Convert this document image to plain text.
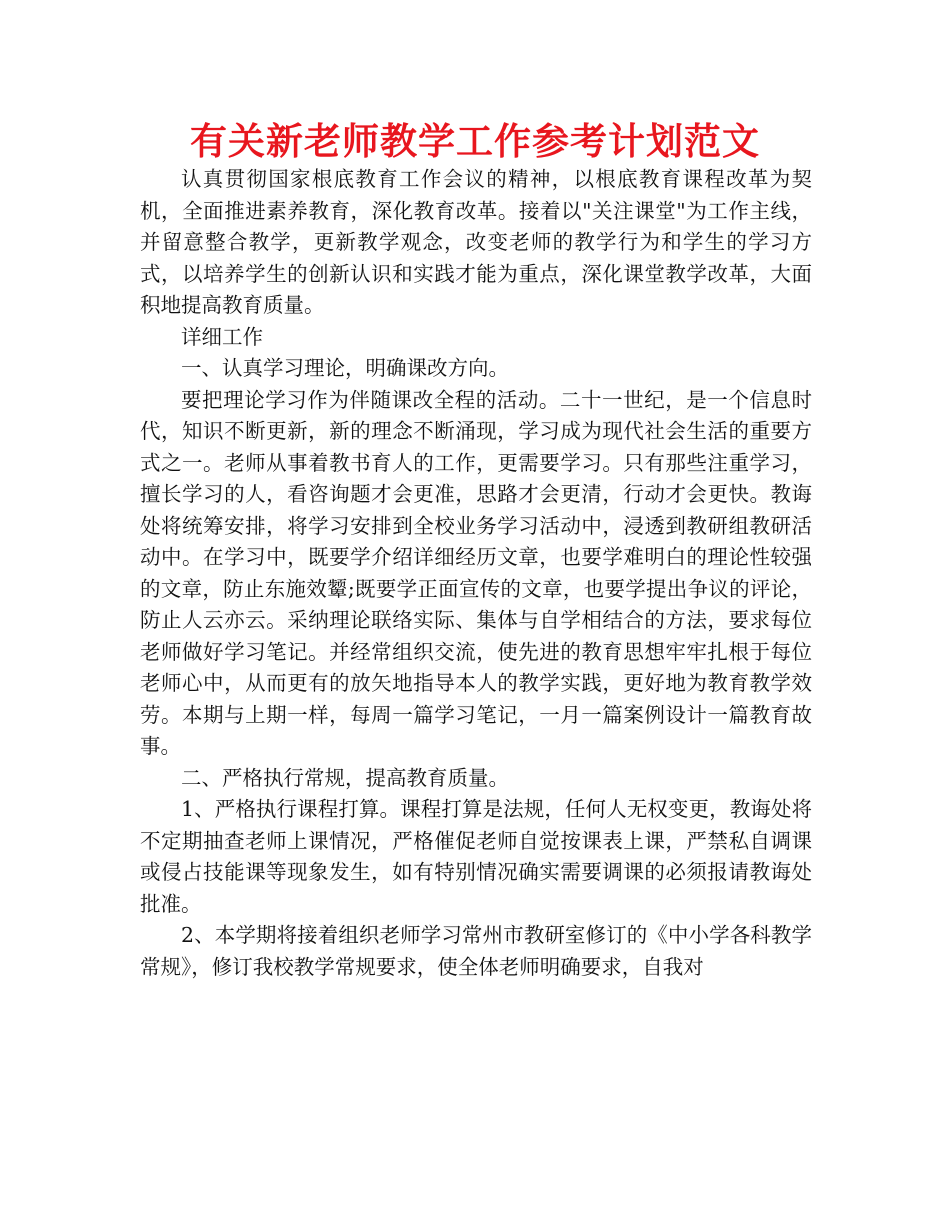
有关新老师教学工作参考计划范文

认真贯彻国家根底教育工作会议的精神，以根底教育课程改革为契机，全面推进素养教育，深化教育改革。接着以"关注课堂"为工作主线，并留意整合教学，更新教学观念，改变老师的教学行为和学生的学习方式，以培养学生的创新认识和实践才能为重点，深化课堂教学改革，大面积地提高教育质量。

详细工作

一、认真学习理论，明确课改方向。

要把理论学习作为伴随课改全程的活动。二十一世纪，是一个信息时代，知识不断更新，新的理念不断涌现，学习成为现代社会生活的重要方式之一。老师从事着教书育人的工作，更需要学习。只有那些注重学习，擅长学习的人，看咨询题才会更准，思路才会更清，行动才会更快。教诲处将统筹安排，将学习安排到全校业务学习活动中，浸透到教研组教研活动中。在学习中，既要学介绍详细经历文章，也要学难明白的理论性较强的文章，防止东施效颦;既要学正面宣传的文章，也要学提出争议的评论，防止人云亦云。采纳理论联络实际、集体与自学相结合的方法，要求每位老师做好学习笔记。并经常组织交流，使先进的教育思想牢牢扎根于每位老师心中，从而更有的放矢地指导本人的教学实践，更好地为教育教学效劳。本期与上期一样，每周一篇学习笔记，一月一篇案例设计一篇教育故事。

二、严格执行常规，提高教育质量。

1、严格执行课程打算。课程打算是法规，任何人无权变更，教诲处将不定期抽查老师上课情况，严格催促老师自觉按课表上课，严禁私自调课或侵占技能课等现象发生，如有特别情况确实需要调课的必须报请教诲处批准。

2、本学期将接着组织老师学习常州市教研室修订的《中小学各科教学常规》，修订我校教学常规要求，使全体老师明确要求，自我对
